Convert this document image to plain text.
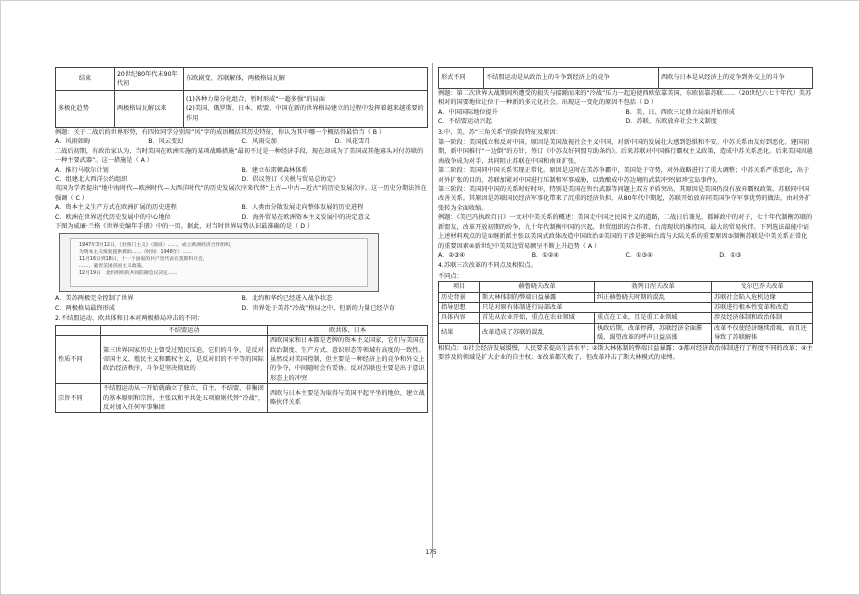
结束	20世纪80年代末90年代初	东欧剧变、苏联解体，两极格局瓦解
多极化趋势	两极格局瓦解以来	(1)各种力量分化组合，暂时形成“一超多强”的局面

(2)美国、俄罗斯、日本、欧盟、中国在新的世界格局建立的过程中发挥着越来越重要的作用

例题：关于二战后的世界形势，有四位同学分别用“风”字的成语概括其历史特征，你认为其中哪一个概括得最恰当（ B ）

A．风雨如晦	B．风云变幻	C．风雨交加	D．风花雪月

二战后初期，有政治家认为，当时美国在欧洲实施的某项战略措施“最初不过是一种经济手段，现在却成为了美国或其他寡头对付苏联的一种主要武器”。这一措施是（ A ）

A．推行马歇尔计划	B．建立布雷顿森林体系
C．组建北大西洋公约组织	D．倡议签订《关税与贸易总协定》

英国为学者提出“地中海时代—欧洲时代—大西洋时代”的历史发展次序来代替“上古—中古—近古”的历史发展次序。这一历史分期法旨在强调（ C ）

A．资本主义生产方式在欧洲扩展的历史进程	B．人类由分散发展走向整体发展的历史进程
C．欧洲在世界近代历史发展中的中心地位	D．海外贸易在欧洲资本主义发展中的决定意义

下图为威廉·兰格《世界史编年手册》中的一页。据此，对当时世界局势认识最准确的是（ D ）

1947年3月12日，《杜鲁门主义》（演说）……，成立欧洲经济合作组织，

为资本主义恢复提供援助……（时间：1948年）……

11月16日到18日，十一个国家的共产党代表在莫斯科开会，

……，谴责美国帝国主义政策。

12月19日　北约组织的共同防御会议决定……

A．美苏两极完全控制了世界	B．北约和华约已经进入战争状态
C．两极格局最终形成	D．世界处于美苏“冷战”格局之中，但新的力量已经孕育

2.不结盟运动、欧共体和日本对两极格局冲击的不同：

	不结盟运动	欧共体、日本
性质不同	第三世界国家历史上曾受过殖民压迫，它们的斗争，是反对帝国主义、殖民主义和霸权主义，是反对旧的不平等的国际政治经济秩序，斗争是坚决彻底的	西欧国家和日本都是老牌的资本主义国家，它们与美国在政治制度、生产方式、意识形态等领域有高度的一致性。虽然反对美国控制，但主要是一种经济上的竞争和外交上的争夺，中间随时会有妥协。反对苏联也主要是出于意识形态上的冲突
宗旨不同	不结盟运动从一开始就确立了独立、自主、不结盟、非集团的基本原则和宗旨，主张以和平共处五项原则代替“冷战”，反对加入任何军事集团	西欧与日本主要是为取得与美国平起平坐的地位，建立战略伙伴关系
形式不同	不结盟运动是从政治上的斗争到经济上的竞争	西欧与日本是从经济上的竞争到外交上的斗争

例题：第二次世界大战期间所遭受的损失与接踵而来的“冷战”压力一起迫使西欧依靠美国、东欧依靠苏联……（20世纪六七十年代）美苏相对的国要地位让位于一种新的多元化社会。出现这一变化的原因不包括（ D ）

A．中国国际地位提升	B．美、日、西欧三足鼎立局面开始形成
C．不结盟运动兴起	D．苏联、东欧放弃社会主义制度

3.中、美、苏“三角关系”的阶段特征及原因：

第一阶段：美国孤立和反对中国。原因是美国敌视社会主义中国，对新中国的发展壮大感到恐惧和不安。中苏关系由友好到恶化。建国初期，新中国推行“一边倒”的方针，签订《中苏友好同盟互助条约》。后来苏联对中国推行霸权主义政策，造成中苏关系恶化。后来美国因越南战争成为对手，共同阻止苏联在中国和南亚扩张。

第二阶段：美国同中国关系实现正常化。原因是这时在美苏争霸中，美国处于守势，对外战略进行了重大调整；中苏关系严重恶化，出于对外扩张的目的，苏联加紧对中国进行压制和军事威胁，以致酿成中苏边境的武装冲突(如珍宝岛事件)。

第三阶段：美国同中国的关系时好时坏，特别是美国在售台武器等问题上双方矛盾突出，其原因是美国仍没有放弃霸权政策。苏联同中国改善关系。其原因是苏联国民经济军事化带来了沉重的经济负担，从80年代中期起，苏联开始放弃同美国争夺军事优势的做法，由对外扩张转为全面收缩。

例题：《美巴冯执政百日》一文对中美关系的概述：美国走中国之民国主义的道路，二战日后兼见，都鲜政中的对子，七十年代制衡苏联的新盟友，改革开放初期的纷争，九十年代制衡中国的兴起，世贸组织的合作者，台湾现状的维持国，最大的贸易伙伴。下列选法最能中证上述材料观点的是①继新派主张以美国式政体改造中国政治②美国的干涉是影响台湾与大陆关系的重要原因③制衡苏联是中美关系正常化的重要因素④新世纪中美双边贸易额呈不断上升趋势（ A ）

A．②③④	B．①②④	C．①③④	D．①③

4.苏联三次改革的不同点及相似点。

不同点：

项目	赫鲁晓夫改革	勃列日涅夫改革	戈尔巴乔夫改革
历史背景	斯大林体制的弊端日益暴露	纠正赫鲁晓夫时期的混乱	苏联社会陷入危机边缘
指导思想	只是对原有体制进行局部改革		苏联进行根本性变革和改造
具体内容	首先从农业开始，重点在农业领域	重点在工业，且是重工业领域	涉及经济体制和政治体制
结果	改革造成了苏联的混乱	执政后期，改革停滞，苏联经济全面滞缓，渴望改革的呼声日益高涨	改革不仅使经济继续滑坡，而且还导致了苏联解体

相似点：①社会经济发展缓慢，人民要求提高生活水平；②斯大林体制的弊端日益暴露；③都对经济政治体制进行了程度不同的改革；④主要涉及的领域是扩大企业的自主权；⑤改革都失败了，但改革冲击了斯大林模式的束缚。

175
